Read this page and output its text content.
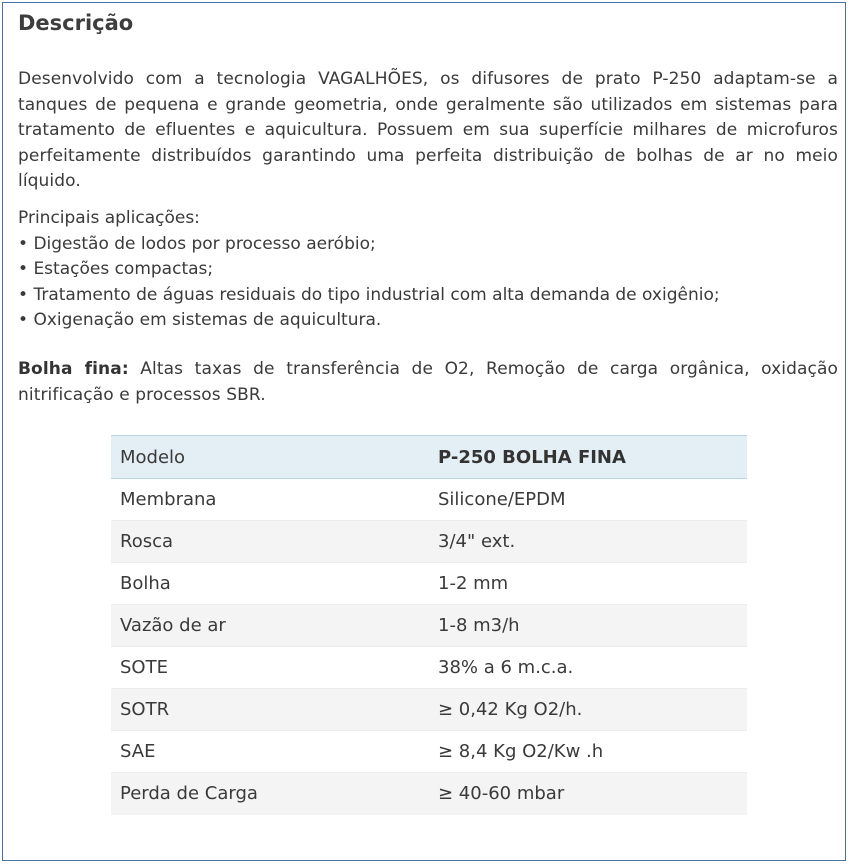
Descrição

Desenvolvido com a tecnologia VAGALHÕES, os difusores de prato P-250 adaptam-se a tanques de pequena e grande geometria, onde geralmente são utilizados em sistemas para tratamento de efluentes e aquicultura. Possuem em sua superfície milhares de microfuros perfeitamente distribuídos garantindo uma perfeita distribuição de bolhas de ar no meio líquido.

Principais aplicações:
• Digestão de lodos por processo aeróbio;
• Estações compactas;
• Tratamento de águas residuais do tipo industrial com alta demanda de oxigênio;
• Oxigenação em sistemas de aquicultura.

Bolha fina: Altas taxas de transferência de O2, Remoção de carga orgânica, oxidação nitrificação e processos SBR.

Modelo	P-250 BOLHA FINA
Membrana	Silicone/EPDM
Rosca	3/4" ext.
Bolha	1-2 mm
Vazão de ar	1-8 m3/h
SOTE	38% a 6 m.c.a.
SOTR	≥ 0,42 Kg O2/h.
SAE	≥ 8,4 Kg O2/Kw .h
Perda de Carga	≥ 40-60 mbar
